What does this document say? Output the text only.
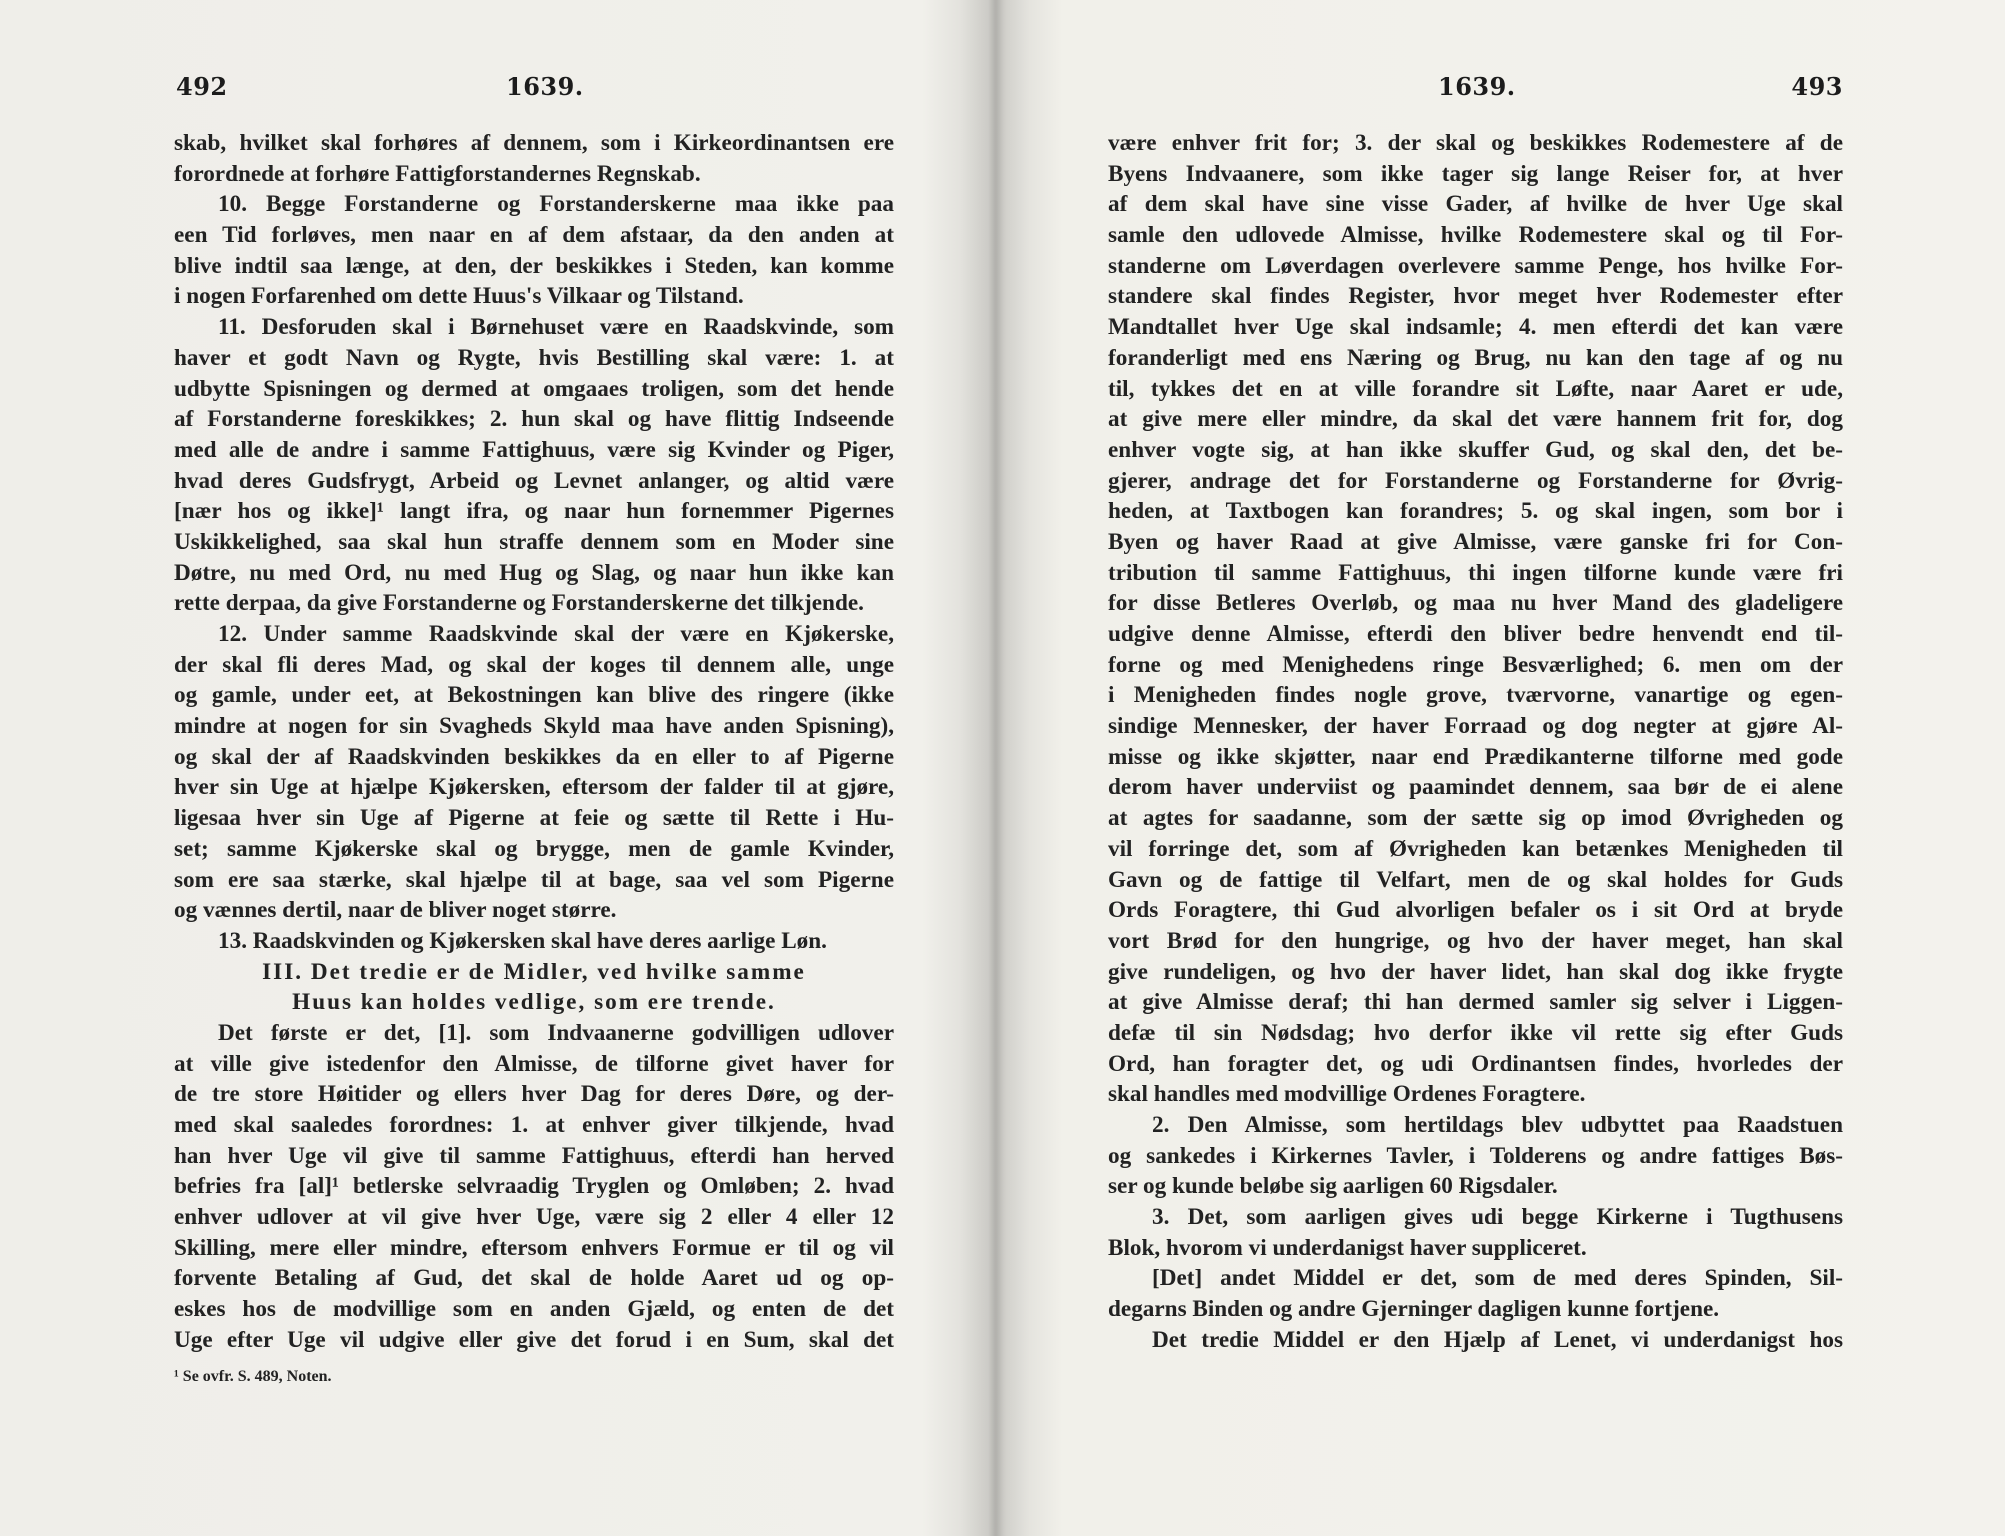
492	1639.
skab, hvilket skal forhøres af dennem, som i Kirkeordinantsen ere
forordnede at forhøre Fattigforstandernes Regnskab.
10. Begge Forstanderne og Forstanderskerne maa ikke paa
een Tid forløves, men naar en af dem afstaar, da den anden at
blive indtil saa længe, at den, der beskikkes i Steden, kan komme
i nogen Forfarenhed om dette Huus's Vilkaar og Tilstand.
11. Desforuden skal i Børnehuset være en Raadskvinde, som
haver et godt Navn og Rygte, hvis Bestilling skal være: 1. at
udbytte Spisningen og dermed at omgaaes troligen, som det hende
af Forstanderne foreskikkes; 2. hun skal og have flittig Indseende
med alle de andre i samme Fattighuus, være sig Kvinder og Piger,
hvad deres Gudsfrygt, Arbeid og Levnet anlanger, og altid være
[nær hos og ikke]¹ langt ifra, og naar hun fornemmer Pigernes
Uskikkelighed, saa skal hun straffe dennem som en Moder sine
Døtre, nu med Ord, nu med Hug og Slag, og naar hun ikke kan
rette derpaa, da give Forstanderne og Forstanderskerne det tilkjende.
12. Under samme Raadskvinde skal der være en Kjøkerske,
der skal fli deres Mad, og skal der koges til dennem alle, unge
og gamle, under eet, at Bekostningen kan blive des ringere (ikke
mindre at nogen for sin Svagheds Skyld maa have anden Spisning),
og skal der af Raadskvinden beskikkes da en eller to af Pigerne
hver sin Uge at hjælpe Kjøkersken, eftersom der falder til at gjøre,
ligesaa hver sin Uge af Pigerne at feie og sætte til Rette i Hu-
set; samme Kjøkerske skal og brygge, men de gamle Kvinder,
som ere saa stærke, skal hjælpe til at bage, saa vel som Pigerne
og vænnes dertil, naar de bliver noget større.
13. Raadskvinden og Kjøkersken skal have deres aarlige Løn.
III. Det tredie er de Midler, ved hvilke samme
Huus kan holdes vedlige, som ere trende.
Det første er det, [1]. som Indvaanerne godvilligen udlover
at ville give istedenfor den Almisse, de tilforne givet haver for
de tre store Høitider og ellers hver Dag for deres Døre, og der-
med skal saaledes forordnes: 1. at enhver giver tilkjende, hvad
han hver Uge vil give til samme Fattighuus, efterdi han herved
befries fra [al]¹ betlerske selvraadig Tryglen og Omløben; 2. hvad
enhver udlover at vil give hver Uge, være sig 2 eller 4 eller 12
Skilling, mere eller mindre, eftersom enhvers Formue er til og vil
forvente Betaling af Gud, det skal de holde Aaret ud og op-
eskes hos de modvillige som en anden Gjæld, og enten de det
Uge efter Uge vil udgive eller give det forud i en Sum, skal det
¹ Se ovfr. S. 489, Noten.
1639.	493
være enhver frit for; 3. der skal og beskikkes Rodemestere af de
Byens Indvaanere, som ikke tager sig lange Reiser for, at hver
af dem skal have sine visse Gader, af hvilke de hver Uge skal
samle den udlovede Almisse, hvilke Rodemestere skal og til For-
standerne om Løverdagen overlevere samme Penge, hos hvilke For-
standere skal findes Register, hvor meget hver Rodemester efter
Mandtallet hver Uge skal indsamle; 4. men efterdi det kan være
foranderligt med ens Næring og Brug, nu kan den tage af og nu
til, tykkes det en at ville forandre sit Løfte, naar Aaret er ude,
at give mere eller mindre, da skal det være hannem frit for, dog
enhver vogte sig, at han ikke skuffer Gud, og skal den, det be-
gjerer, andrage det for Forstanderne og Forstanderne for Øvrig-
heden, at Taxtbogen kan forandres; 5. og skal ingen, som bor i
Byen og haver Raad at give Almisse, være ganske fri for Con-
tribution til samme Fattighuus, thi ingen tilforne kunde være fri
for disse Betleres Overløb, og maa nu hver Mand des gladeligere
udgive denne Almisse, efterdi den bliver bedre henvendt end til-
forne og med Menighedens ringe Besværlighed; 6. men om der
i Menigheden findes nogle grove, tværvorne, vanartige og egen-
sindige Mennesker, der haver Forraad og dog negter at gjøre Al-
misse og ikke skjøtter, naar end Prædikanterne tilforne med gode
derom haver underviist og paamindet dennem, saa bør de ei alene
at agtes for saadanne, som der sætte sig op imod Øvrigheden og
vil forringe det, som af Øvrigheden kan betænkes Menigheden til
Gavn og de fattige til Velfart, men de og skal holdes for Guds
Ords Foragtere, thi Gud alvorligen befaler os i sit Ord at bryde
vort Brød for den hungrige, og hvo der haver meget, han skal
give rundeligen, og hvo der haver lidet, han skal dog ikke frygte
at give Almisse deraf; thi han dermed samler sig selver i Liggen-
defæ til sin Nødsdag; hvo derfor ikke vil rette sig efter Guds
Ord, han foragter det, og udi Ordinantsen findes, hvorledes der
skal handles med modvillige Ordenes Foragtere.
2. Den Almisse, som hertildags blev udbyttet paa Raadstuen
og sankedes i Kirkernes Tavler, i Tolderens og andre fattiges Bøs-
ser og kunde beløbe sig aarligen 60 Rigsdaler.
3. Det, som aarligen gives udi begge Kirkerne i Tugthusens
Blok, hvorom vi underdanigst haver suppliceret.
[Det] andet Middel er det, som de med deres Spinden, Sil-
degarns Binden og andre Gjerninger dagligen kunne fortjene.
Det tredie Middel er den Hjælp af Lenet, vi underdanigst hos
